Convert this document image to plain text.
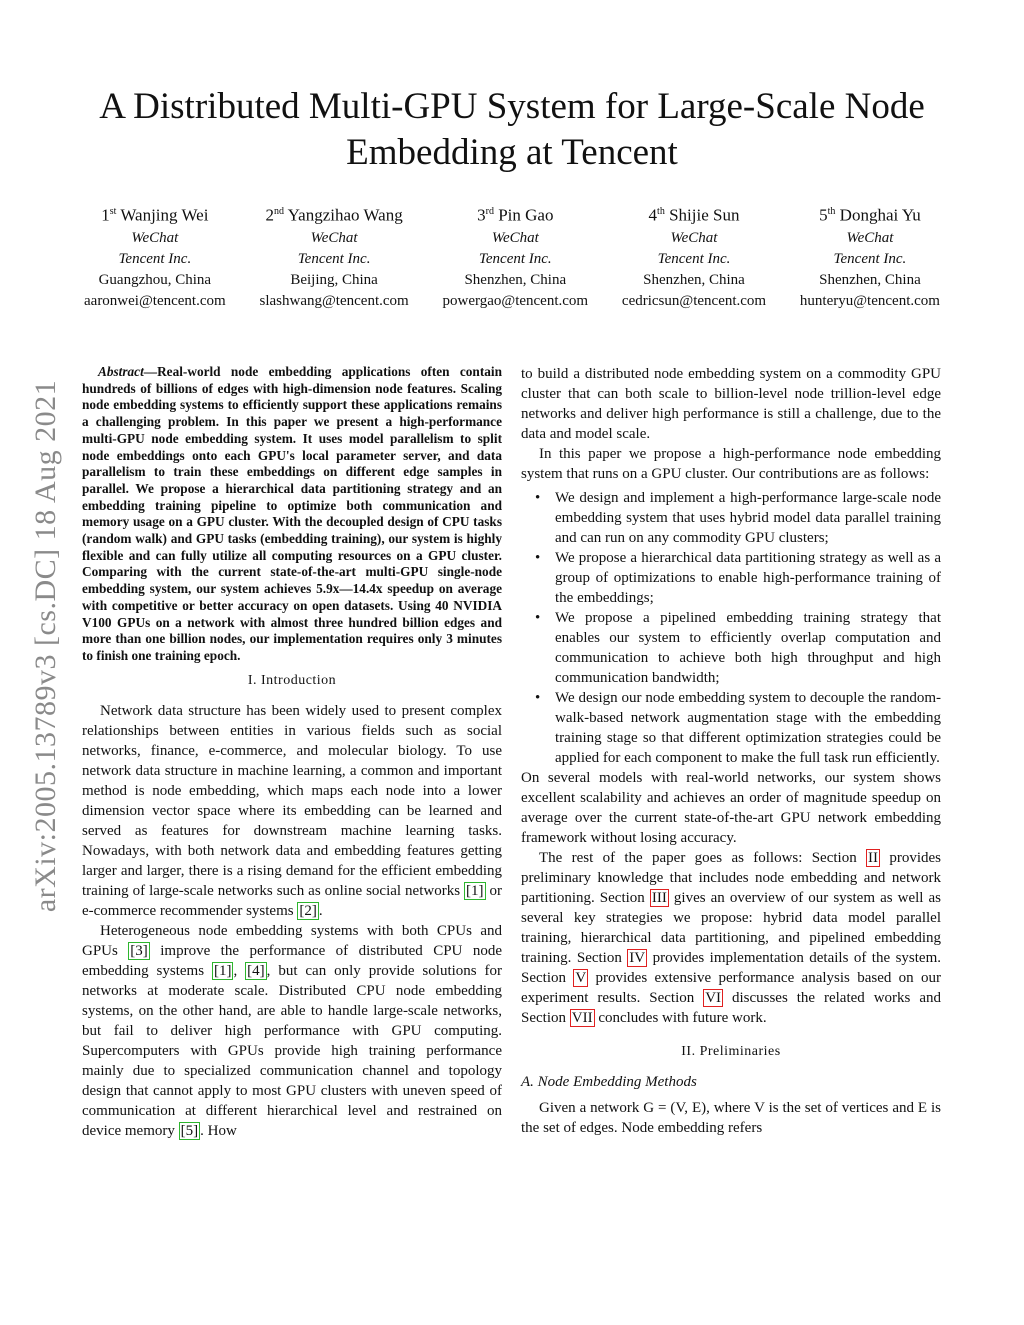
arXiv:2005.13789v3 [cs.DC] 18 Aug 2021
A Distributed Multi-GPU System for Large-Scale Node Embedding at Tencent
1st Wanjing Wei
WeChat
Tencent Inc.
Guangzhou, China
aaronwei@tencent.com
2nd Yangzihao Wang
WeChat
Tencent Inc.
Beijing, China
slashwang@tencent.com
3rd Pin Gao
WeChat
Tencent Inc.
Shenzhen, China
powergao@tencent.com
4th Shijie Sun
WeChat
Tencent Inc.
Shenzhen, China
cedricsun@tencent.com
5th Donghai Yu
WeChat
Tencent Inc.
Shenzhen, China
hunteryu@tencent.com

Abstract—Real-world node embedding applications often contain hundreds of billions of edges with high-dimension node features. Scaling node embedding systems to efficiently support these applications remains a challenging problem. In this paper we present a high-performance multi-GPU node embedding system. It uses model parallelism to split node embeddings onto each GPU's local parameter server, and data parallelism to train these embeddings on different edge samples in parallel. We propose a hierarchical data partitioning strategy and an embedding training pipeline to optimize both communication and memory usage on a GPU cluster. With the decoupled design of CPU tasks (random walk) and GPU tasks (embedding training), our system is highly flexible and can fully utilize all computing resources on a GPU cluster. Comparing with the current state-of-the-art multi-GPU single-node embedding system, our system achieves 5.9x—14.4x speedup on average with competitive or better accuracy on open datasets. Using 40 NVIDIA V100 GPUs on a network with almost three hundred billion edges and more than one billion nodes, our implementation requires only 3 minutes to finish one training epoch.

I. Introduction

Network data structure has been widely used to present complex relationships between entities in various fields such as social networks, finance, e-commerce, and molecular biology. To use network data structure in machine learning, a common and important method is node embedding, which maps each node into a lower dimension vector space where its embedding can be learned and served as features for downstream machine learning tasks. Nowadays, with both network data and embedding features getting larger and larger, there is a rising demand for the efficient embedding training of large-scale networks such as online social networks [1] or e-commerce recommender systems [2] .

Heterogeneous node embedding systems with both CPUs and GPUs [3] improve the performance of distributed CPU node embedding systems [1] , [4] , but can only provide solutions for networks at moderate scale. Distributed CPU node embedding systems, on the other hand, are able to handle large-scale networks, but fail to deliver high performance with GPU computing. Supercomputers with GPUs provide high training performance mainly due to specialized communication channel and topology design that cannot apply to most GPU clusters with uneven speed of communication at different hierarchical level and restrained on device memory [5] . How

to build a distributed node embedding system on a commodity GPU cluster that can both scale to billion-level node trillion-level edge networks and deliver high performance is still a challenge, due to the data and model scale.

In this paper we propose a high-performance node embedding system that runs on a GPU cluster. Our contributions are as follows:

• We design and implement a high-performance large-scale node embedding system that uses hybrid model data parallel training and can run on any commodity GPU clusters;
• We propose a hierarchical data partitioning strategy as well as a group of optimizations to enable high-performance training of the embeddings;
• We propose a pipelined embedding training strategy that enables our system to efficiently overlap computation and communication to achieve both high throughput and high communication bandwidth;
• We design our node embedding system to decouple the random-walk-based network augmentation stage with the embedding training stage so that different optimization strategies could be applied for each component to make the full task run efficiently.

On several models with real-world networks, our system shows excellent scalability and achieves an order of magnitude speedup on average over the current state-of-the-art GPU network embedding framework without losing accuracy.

The rest of the paper goes as follows: Section II provides preliminary knowledge that includes node embedding and network partitioning. Section III gives an overview of our system as well as several key strategies we propose: hybrid data model parallel training, hierarchical data partitioning, and pipelined embedding training. Section IV provides implementation details of the system. Section V provides extensive performance analysis based on our experiment results. Section VI discusses the related works and Section VII concludes with future work.

II. Preliminaries
A. Node Embedding Methods

Given a network G = (V, E), where V is the set of vertices and E is the set of edges. Node embedding refers
